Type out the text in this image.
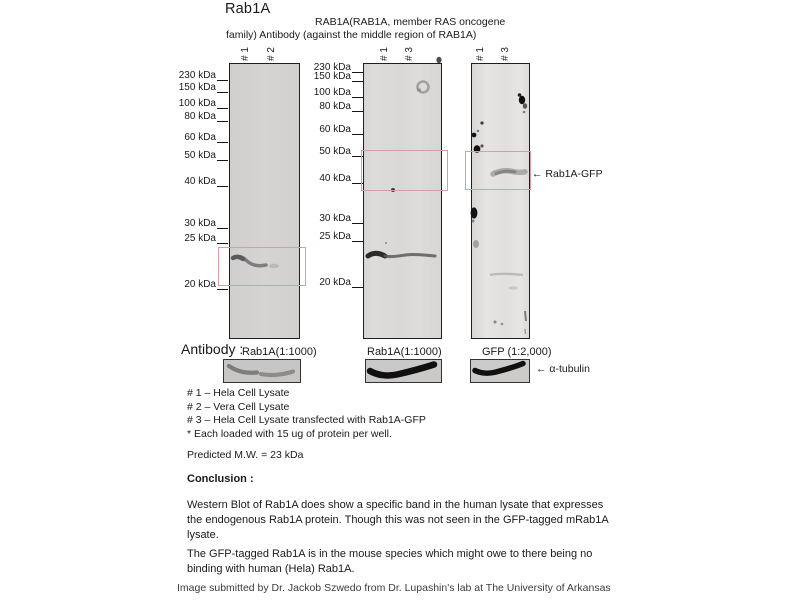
Rab1A
RAB1A(RAB1A, member RAS oncogene
family) Antibody (against the middle region of RAB1A)
230 kDa
150 kDa
100 kDa
80 kDa
60 kDa
50 kDa
40 kDa
30 kDa
25 kDa
20 kDa
230 kDa
150 kDa
100 kDa
80 kDa
60 kDa
50 kDa
40 kDa
30 kDa
25 kDa
20 kDa
# 1 # 2	# 1 # 3	# 1 # 3
← Rab1A-GFP
Antibody :
Rab1A(1:1000)	Rab1A(1:1000)	GFP (1:2,000)
← α-tubulin
# 1 – Hela Cell Lysate
# 2 – Vera Cell Lysate
# 3 – Hela Cell Lysate transfected with Rab1A-GFP
* Each loaded with 15 ug of protein per well.
Predicted M.W. = 23 kDa
Conclusion :
Western Blot of Rab1A does show a specific band in the human lysate that expresses the endogenous Rab1A protein. Though this was not seen in the GFP-tagged mRab1A lysate.
The GFP-tagged Rab1A is in the mouse species which might owe to there being no binding with human (Hela) Rab1A.
Image submitted by Dr. Jackob Szwedo from Dr. Lupashin's lab at The University of Arkansas
